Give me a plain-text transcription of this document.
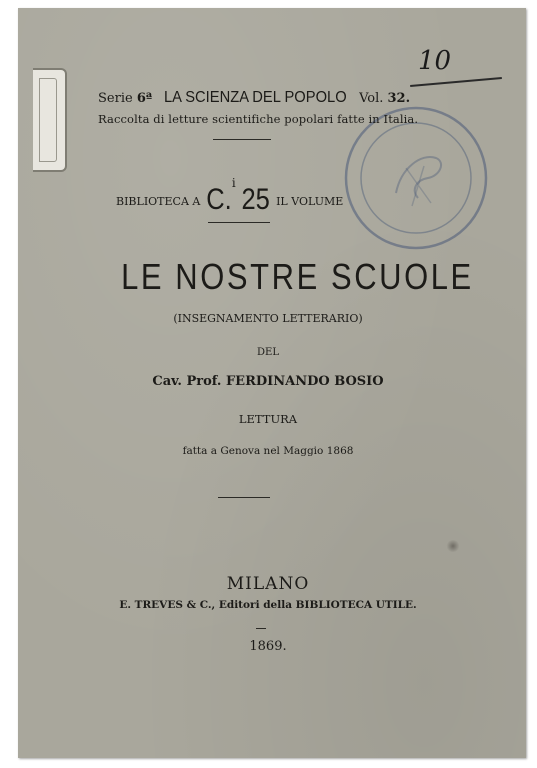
10
Serie 6ª LA SCIENZA DEL POPOLO Vol. 32.
Raccolta di letture scientifiche popolari fatte in Italia.
BIBLIOTECA A C.i 25 IL VOLUME
LE NOSTRE SCUOLE
(INSEGNAMENTO LETTERARIO)
DEL
Cav. Prof. FERDINANDO BOSIO
LETTURA
fatta a Genova nel Maggio 1868
MILANO
E. TREVES & C., Editori della BIBLIOTECA UTILE.
1869.
